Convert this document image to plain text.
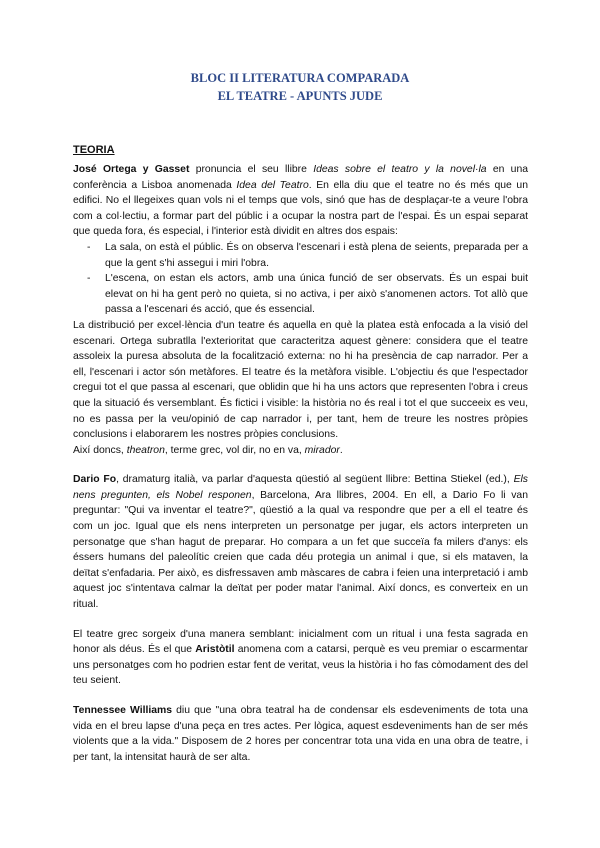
BLOC II LITERATURA COMPARADA
EL TEATRE - APUNTS JUDE
TEORIA

José Ortega y Gasset pronuncia el seu llibre Ideas sobre el teatro y la novel·la en una conferència a Lisboa anomenada Idea del Teatro. En ella diu que el teatre no és més que un edifici. No el llegeixes quan vols ni el temps que vols, sinó que has de desplaçar-te a veure l'obra com a col·lectiu, a formar part del públic i a ocupar la nostra part de l'espai. És un espai separat que queda fora, és especial, i l'interior està dividit en altres dos espais:

- La sala, on està el públic. És on observa l'escenari i està plena de seients, preparada per a que la gent s'hi assegui i miri l'obra.
- L'escena, on estan els actors, amb una única funció de ser observats. És un espai buit elevat on hi ha gent però no quieta, si no activa, i per això s'anomenen actors. Tot allò que passa a l'escenari és acció, que és essencial.

La distribució per excel·lència d'un teatre és aquella en què la platea està enfocada a la visió del escenari. Ortega subratlla l'exterioritat que caracteritza aquest gènere: considera que el teatre assoleix la puresa absoluta de la focalització externa: no hi ha presència de cap narrador. Per a ell, l'escenari i actor són metàfores. El teatre és la metàfora visible. L'objectiu és que l'espectador cregui tot el que passa al escenari, que oblidin que hi ha uns actors que representen l'obra i creus que la situació és versemblant. És fictici i visible: la història no és real i tot el que succeeix es veu, no es passa per la veu/opinió de cap narrador i, per tant, hem de treure les nostres pròpies conclusions i elaborarem les nostres pròpies conclusions.

Així doncs, theatron, terme grec, vol dir, no en va, mirador.

Dario Fo, dramaturg italià, va parlar d'aquesta qüestió al següent llibre: Bettina Stiekel (ed.), Els nens pregunten, els Nobel responen, Barcelona, Ara llibres, 2004. En ell, a Dario Fo li van preguntar: "Qui va inventar el teatre?", qüestió a la qual va respondre que per a ell el teatre és com un joc. Igual que els nens interpreten un personatge per jugar, els actors interpreten un personatge que s'han hagut de preparar. Ho compara a un fet que succeïa fa milers d'anys: els éssers humans del paleolític creien que cada déu protegia un animal i que, si els mataven, la deïtat s'enfadaria. Per això, es disfressaven amb màscares de cabra i feien una interpretació i amb aquest joc s'intentava calmar la deïtat per poder matar l'animal. Així doncs, es converteix en un ritual.

El teatre grec sorgeix d'una manera semblant: inicialment com un ritual i una festa sagrada en honor als déus. És el que Aristòtil anomena com a catarsi, perquè es veu premiar o escarmentar uns personatges com ho podrien estar fent de veritat, veus la història i ho fas còmodament des del teu seient.

Tennessee Williams diu que "una obra teatral ha de condensar els esdeveniments de tota una vida en el breu lapse d'una peça en tres actes. Per lògica, aquest esdeveniments han de ser més violents que a la vida." Disposem de 2 hores per concentrar tota una vida en una obra de teatre, i per tant, la intensitat haurà de ser alta.
